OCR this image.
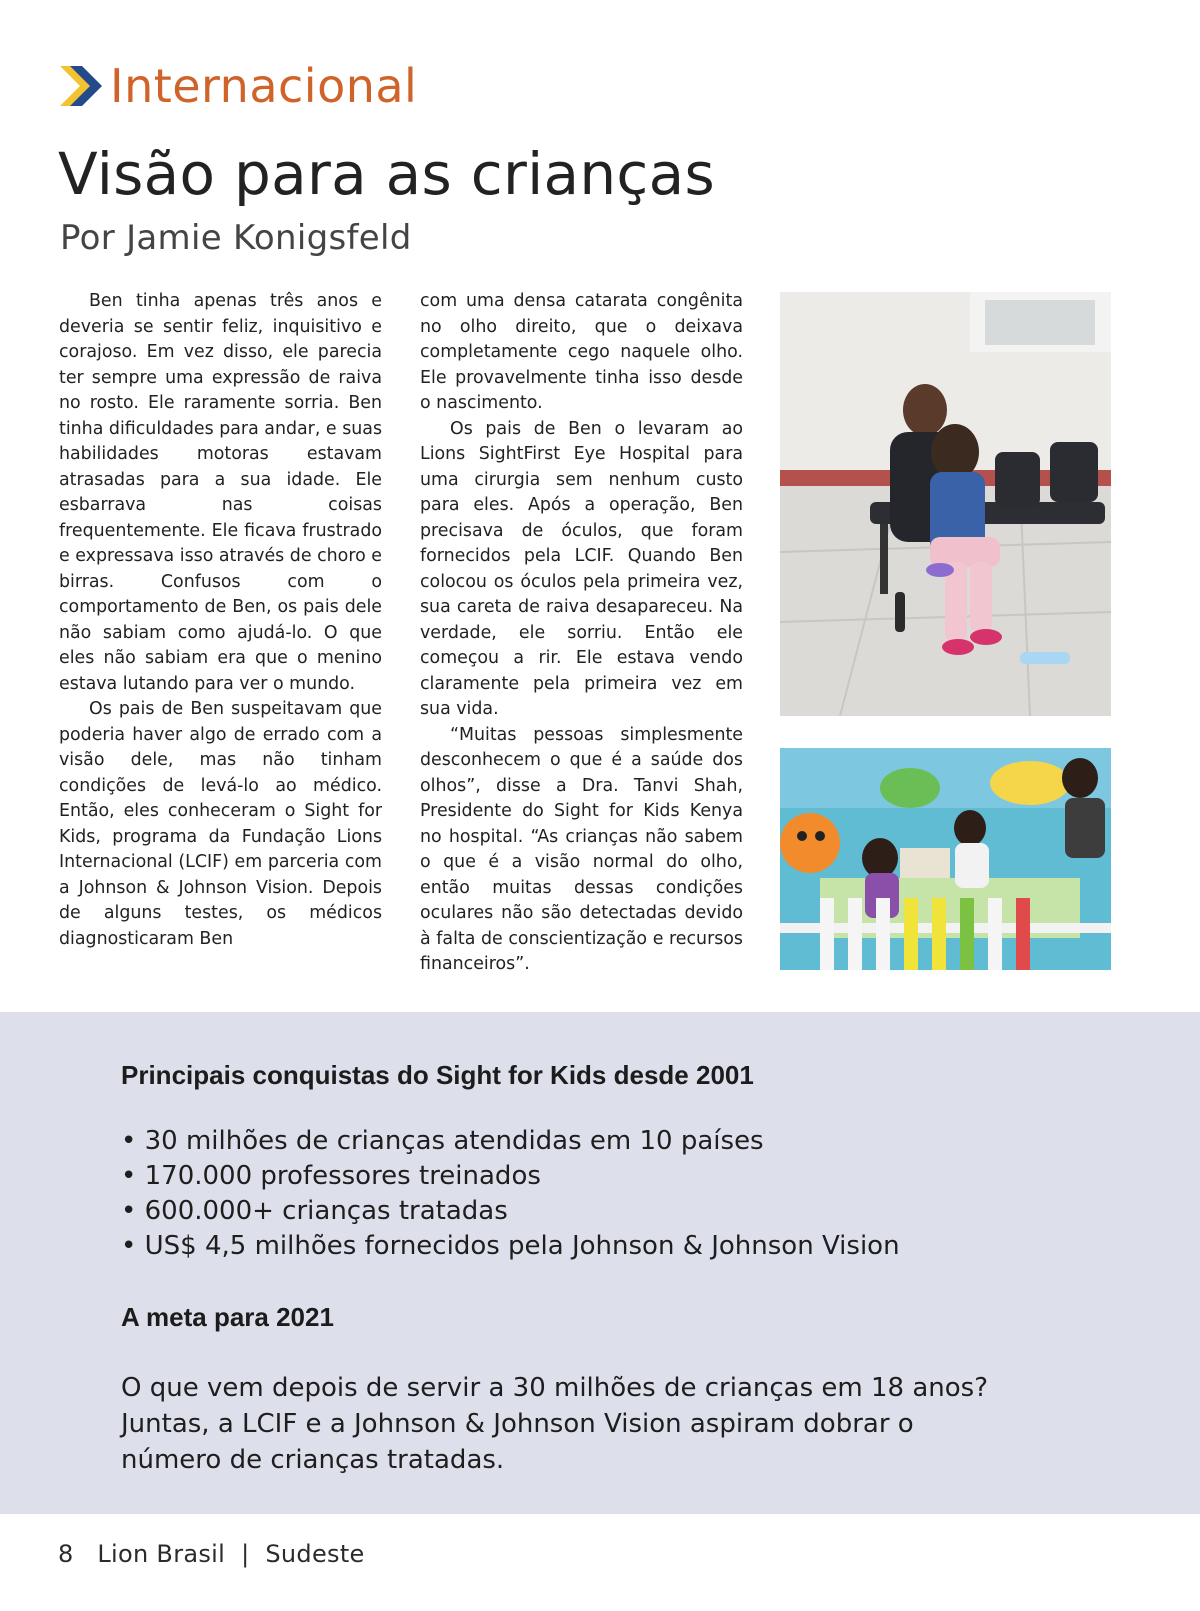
Internacional
Visão para as crianças
Por Jamie Konigsfeld

Ben tinha apenas três anos e deveria se sentir feliz, inquisitivo e corajoso. Em vez disso, ele parecia ter sempre uma expressão de raiva no rosto. Ele raramente sorria. Ben tinha dificuldades para andar, e suas habilidades motoras estavam atrasadas para a sua idade. Ele esbarrava nas coisas frequentemente. Ele ficava frustrado e expressava isso através de choro e birras. Confusos com o comportamento de Ben, os pais dele não sabiam como ajudá-lo. O que eles não sabiam era que o menino estava lutando para ver o mundo.

Os pais de Ben suspeitavam que poderia haver algo de errado com a visão dele, mas não tinham condições de levá-lo ao médico. Então, eles conheceram o Sight for Kids, programa da Fundação Lions Internacional (LCIF) em parceria com a Johnson & Johnson Vision. Depois de alguns testes, os médicos diagnosticaram Ben

com uma densa catarata congênita no olho direito, que o deixava completamente cego naquele olho. Ele provavelmente tinha isso desde o nascimento.

Os pais de Ben o levaram ao Lions SightFirst Eye Hospital para uma cirurgia sem nenhum custo para eles. Após a operação, Ben precisava de óculos, que foram fornecidos pela LCIF. Quando Ben colocou os óculos pela primeira vez, sua careta de raiva desapareceu. Na verdade, ele sorriu. Então ele começou a rir. Ele estava vendo claramente pela primeira vez em sua vida.

“Muitas pessoas simplesmente desconhecem o que é a saúde dos olhos”, disse a Dra. Tanvi Shah, Presidente do Sight for Kids Kenya no hospital. “As crianças não sabem o que é a visão normal do olho, então muitas dessas condições oculares não são detectadas devido à falta de conscientização e recursos financeiros”.

Principais conquistas do Sight for Kids desde 2001
• 30 milhões de crianças atendidas em 10 países
• 170.000 professores treinados
• 600.000+ crianças tratadas
• US$ 4,5 milhões fornecidos pela Johnson & Johnson Vision
A meta para 2021

O que vem depois de servir a 30 milhões de crianças em 18 anos? Juntas, a LCIF e a Johnson & Johnson Vision aspiram dobrar o número de crianças tratadas.

8 Lion Brasil | Sudeste
